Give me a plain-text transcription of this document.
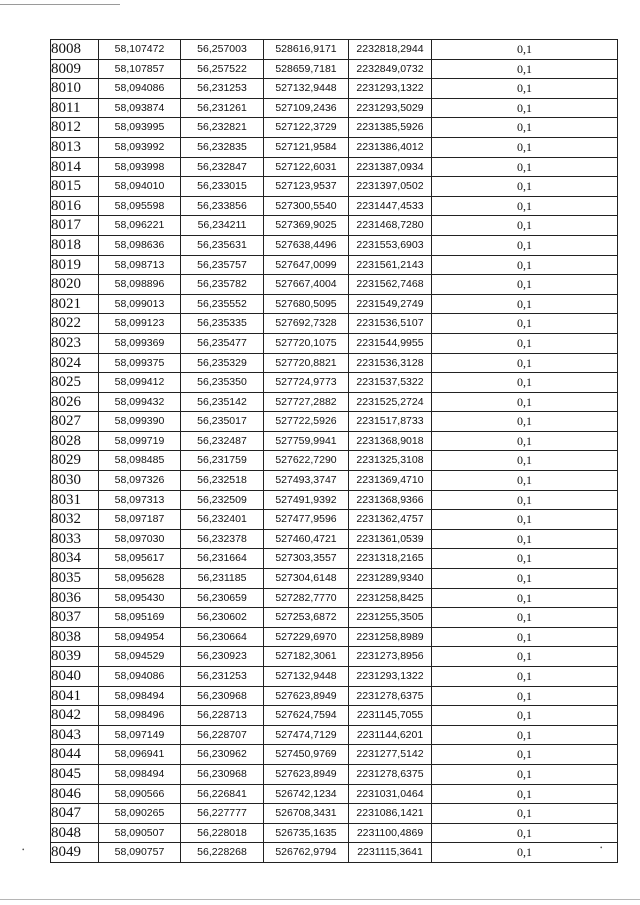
8008	58,107472	56,257003	528616,9171	2232818,2944	0,1
8009	58,107857	56,257522	528659,7181	2232849,0732	0,1
8010	58,094086	56,231253	527132,9448	2231293,1322	0,1
8011	58,093874	56,231261	527109,2436	2231293,5029	0,1
8012	58,093995	56,232821	527122,3729	2231385,5926	0,1
8013	58,093992	56,232835	527121,9584	2231386,4012	0,1
8014	58,093998	56,232847	527122,6031	2231387,0934	0,1
8015	58,094010	56,233015	527123,9537	2231397,0502	0,1
8016	58,095598	56,233856	527300,5540	2231447,4533	0,1
8017	58,096221	56,234211	527369,9025	2231468,7280	0,1
8018	58,098636	56,235631	527638,4496	2231553,6903	0,1
8019	58,098713	56,235757	527647,0099	2231561,2143	0,1
8020	58,098896	56,235782	527667,4004	2231562,7468	0,1
8021	58,099013	56,235552	527680,5095	2231549,2749	0,1
8022	58,099123	56,235335	527692,7328	2231536,5107	0,1
8023	58,099369	56,235477	527720,1075	2231544,9955	0,1
8024	58,099375	56,235329	527720,8821	2231536,3128	0,1
8025	58,099412	56,235350	527724,9773	2231537,5322	0,1
8026	58,099432	56,235142	527727,2882	2231525,2724	0,1
8027	58,099390	56,235017	527722,5926	2231517,8733	0,1
8028	58,099719	56,232487	527759,9941	2231368,9018	0,1
8029	58,098485	56,231759	527622,7290	2231325,3108	0,1
8030	58,097326	56,232518	527493,3747	2231369,4710	0,1
8031	58,097313	56,232509	527491,9392	2231368,9366	0,1
8032	58,097187	56,232401	527477,9596	2231362,4757	0,1
8033	58,097030	56,232378	527460,4721	2231361,0539	0,1
8034	58,095617	56,231664	527303,3557	2231318,2165	0,1
8035	58,095628	56,231185	527304,6148	2231289,9340	0,1
8036	58,095430	56,230659	527282,7770	2231258,8425	0,1
8037	58,095169	56,230602	527253,6872	2231255,3505	0,1
8038	58,094954	56,230664	527229,6970	2231258,8989	0,1
8039	58,094529	56,230923	527182,3061	2231273,8956	0,1
8040	58,094086	56,231253	527132,9448	2231293,1322	0,1
8041	58,098494	56,230968	527623,8949	2231278,6375	0,1
8042	58,098496	56,228713	527624,7594	2231145,7055	0,1
8043	58,097149	56,228707	527474,7129	2231144,6201	0,1
8044	58,096941	56,230962	527450,9769	2231277,5142	0,1
8045	58,098494	56,230968	527623,8949	2231278,6375	0,1
8046	58,090566	56,226841	526742,1234	2231031,0464	0,1
8047	58,090265	56,227777	526708,3431	2231086,1421	0,1
8048	58,090507	56,228018	526735,1635	2231100,4869	0,1
8049	58,090757	56,228268	526762,9794	2231115,3641	0,1
•	•
